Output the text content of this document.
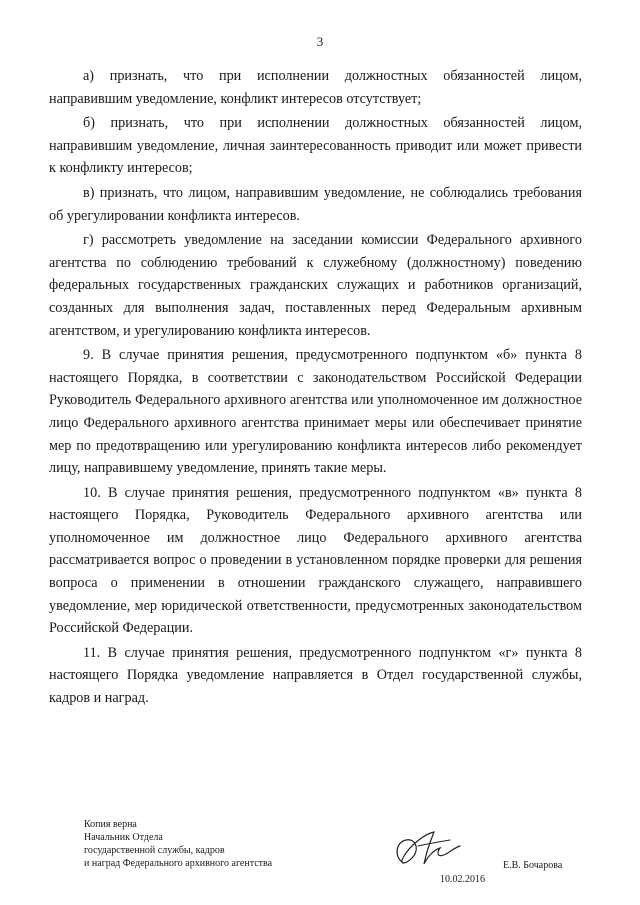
3

а) признать, что при исполнении должностных обязанностей лицом, направившим уведомление, конфликт интересов отсутствует;

б) признать, что при исполнении должностных обязанностей лицом, направившим уведомление, личная заинтересованность приводит или может привести к конфликту интересов;

в) признать, что лицом, направившим уведомление, не соблюдались требования об урегулировании конфликта интересов.

г) рассмотреть уведомление на заседании комиссии Федерального архивного агентства по соблюдению требований к служебному (должностному) поведению федеральных государственных гражданских служащих и работников организаций, созданных для выполнения задач, поставленных перед Федеральным архивным агентством, и урегулированию конфликта интересов.

9. В случае принятия решения, предусмотренного подпунктом «б» пункта 8 настоящего Порядка, в соответствии с законодательством Российской Федерации Руководитель Федерального архивного агентства или уполномоченное им должностное лицо Федерального архивного агентства принимает меры или обеспечивает принятие мер по предотвращению или урегулированию конфликта интересов либо рекомендует лицу, направившему уведомление, принять такие меры.

10. В случае принятия решения, предусмотренного подпунктом «в» пункта 8 настоящего Порядка, Руководитель Федерального архивного агентства или уполномоченное им должностное лицо Федерального архивного агентства рассматривается вопрос о проведении в установленном порядке проверки для решения вопроса о применении в отношении гражданского служащего, направившего уведомление, мер юридической ответственности, предусмотренных законодательством Российской Федерации.

11. В случае принятия решения, предусмотренного подпунктом «г» пункта 8 настоящего Порядка уведомление направляется в Отдел государственной службы, кадров и наград.

Копия верна
Начальник Отдела
государственной службы, кадров
и наград Федерального архивного агентства
10.02.2016
Е.В. Бочарова
